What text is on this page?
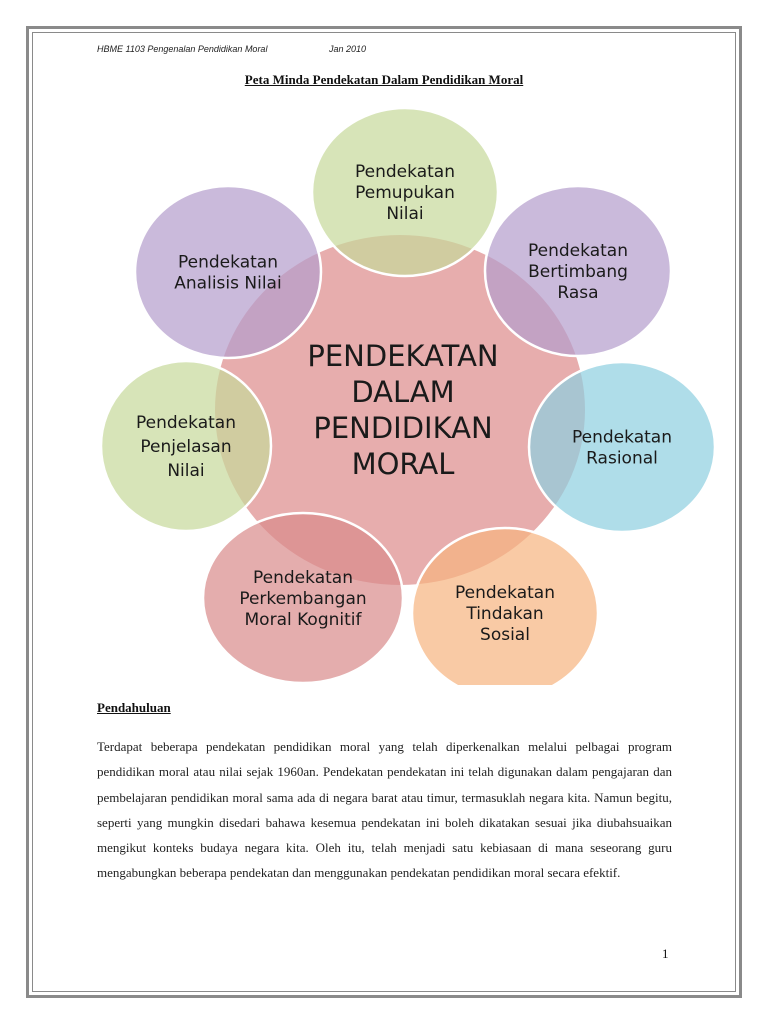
HBME 1103 Pengenalan Pendidikan Moral	Jan 2010
Peta Minda Pendekatan Dalam Pendidikan Moral
PENDEKATAN
DALAM
PENDIDIKAN
MORAL
Pendekatan
Pemupukan
Nilai
Pendekatan
Bertimbang
Rasa
Pendekatan
Rasional
Pendekatan
Tindakan
Sosial
Pendekatan
Perkembangan
Moral Kognitif
Pendekatan
Penjelasan
Nilai
Pendekatan
Analisis Nilai
Pendahuluan
Terdapat beberapa pendekatan pendidikan moral yang telah diperkenalkan melalui pelbagai program pendidikan moral atau nilai sejak 1960an. Pendekatan pendekatan ini telah digunakan dalam pengajaran dan pembelajaran pendidikan moral sama ada di negara barat atau timur, termasuklah negara kita. Namun begitu, seperti yang mungkin disedari bahawa kesemua pendekatan ini boleh dikatakan sesuai jika diubahsuaikan mengikut konteks budaya negara kita. Oleh itu, telah menjadi satu kebiasaan di mana seseorang guru mengabungkan beberapa pendekatan dan menggunakan pendekatan pendidikan moral secara efektif.
1
